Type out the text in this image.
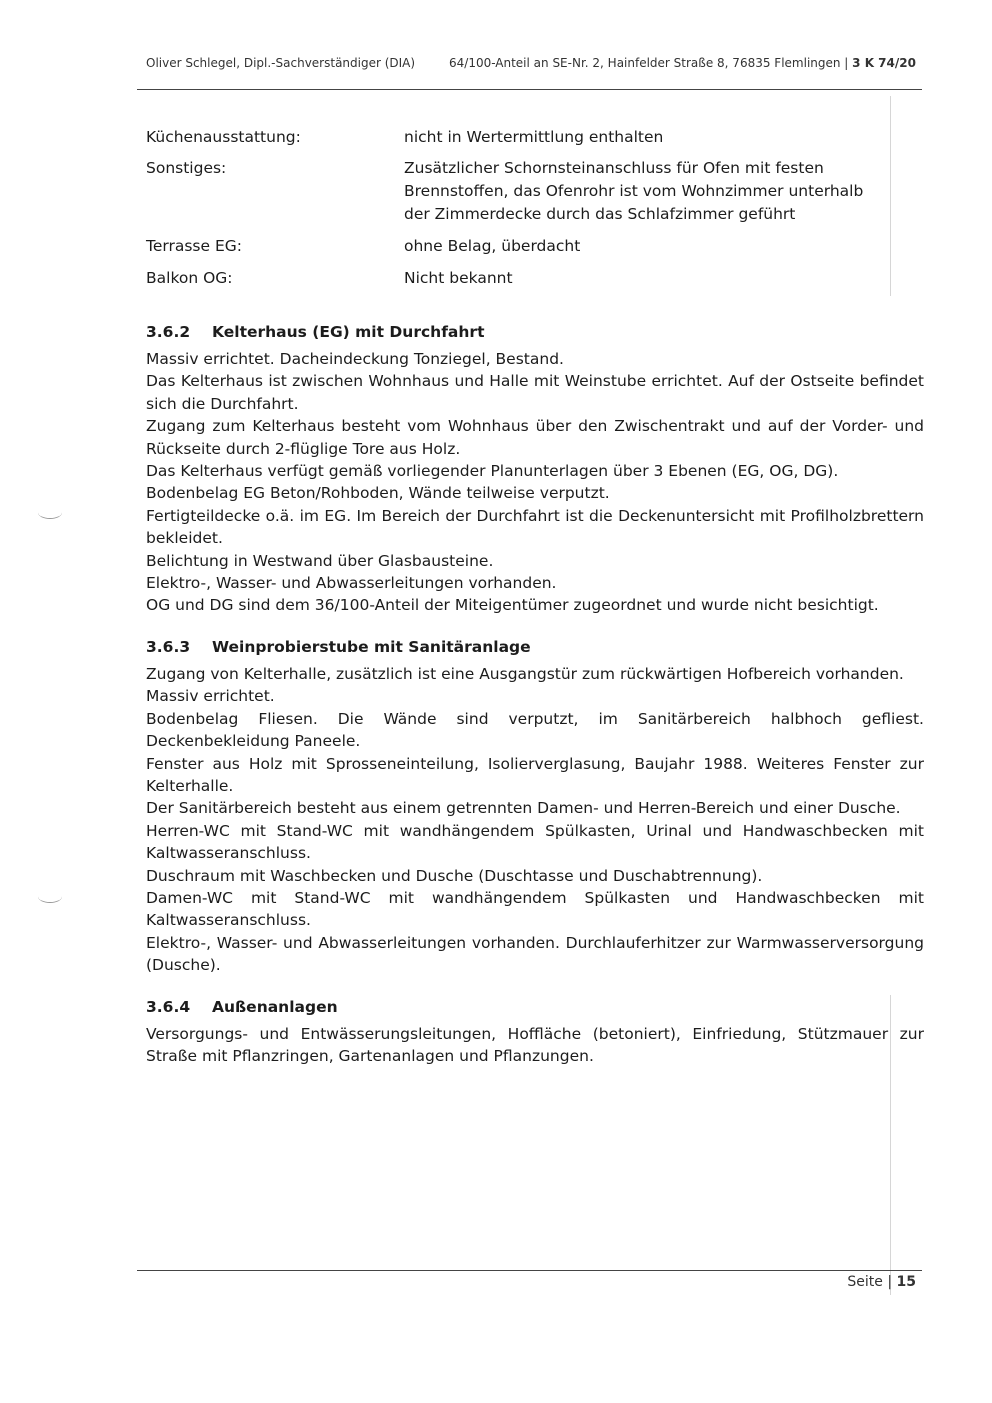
Oliver Schlegel, Dipl.-Sachverständiger (DIA)	64/100-Anteil an SE-Nr. 2, Hainfelder Straße 8, 76835 Flemlingen | 3 K 74/20
Küchenausstattung:	nicht in Wertermittlung enthalten
Sonstiges:	Zusätzlicher Schornsteinanschluss für Ofen mit festen Brennstoffen, das Ofenrohr ist vom Wohnzimmer unterhalb der Zimmerdecke durch das Schlafzimmer geführt
Terrasse EG:	ohne Belag, überdacht
Balkon OG:	Nicht bekannt
3.6.2 Kelterhaus (EG) mit Durchfahrt

Massiv errichtet. Dacheindeckung Tonziegel, Bestand.

Das Kelterhaus ist zwischen Wohnhaus und Halle mit Weinstube errichtet. Auf der Ostseite befindet sich die Durchfahrt.

Zugang zum Kelterhaus besteht vom Wohnhaus über den Zwischentrakt und auf der Vorder- und Rückseite durch 2-flüglige Tore aus Holz.

Das Kelterhaus verfügt gemäß vorliegender Planunterlagen über 3 Ebenen (EG, OG, DG).

Bodenbelag EG Beton/Rohboden, Wände teilweise verputzt.

Fertigteildecke o.ä. im EG. Im Bereich der Durchfahrt ist die Deckenuntersicht mit Profilholzbrettern bekleidet.

Belichtung in Westwand über Glasbausteine.

Elektro-, Wasser- und Abwasserleitungen vorhanden.

OG und DG sind dem 36/100-Anteil der Miteigentümer zugeordnet und wurde nicht besichtigt.

3.6.3 Weinprobierstube mit Sanitäranlage

Zugang von Kelterhalle, zusätzlich ist eine Ausgangstür zum rückwärtigen Hofbereich vorhanden.

Massiv errichtet.

Bodenbelag Fliesen. Die Wände sind verputzt, im Sanitärbereich halbhoch gefliest. Deckenbekleidung Paneele.

Fenster aus Holz mit Sprosseneinteilung, Isolierverglasung, Baujahr 1988. Weiteres Fenster zur Kelterhalle.

Der Sanitärbereich besteht aus einem getrennten Damen- und Herren-Bereich und einer Dusche.

Herren-WC mit Stand-WC mit wandhängendem Spülkasten, Urinal und Handwaschbecken mit Kaltwasseranschluss.

Duschraum mit Waschbecken und Dusche (Duschtasse und Duschabtrennung).

Damen-WC mit Stand-WC mit wandhängendem Spülkasten und Handwaschbecken mit Kaltwasseranschluss.

Elektro-, Wasser- und Abwasserleitungen vorhanden. Durchlauferhitzer zur Warmwasserversorgung (Dusche).

3.6.4 Außenanlagen

Versorgungs- und Entwässerungsleitungen, Hoffläche (betoniert), Einfriedung, Stützmauer zur Straße mit Pflanzringen, Gartenanlagen und Pflanzungen.

Seite | 15
